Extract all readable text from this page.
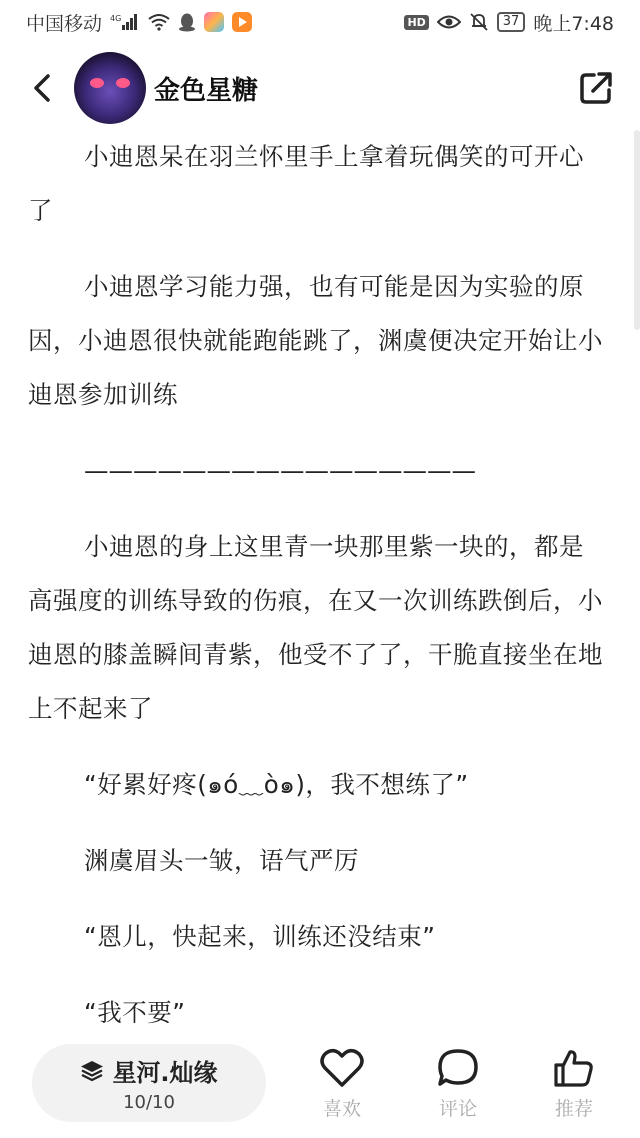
中国移动 4G	HD	37 晚上7:48
金色星糖

小迪恩呆在羽兰怀里手上拿着玩偶笑的可开心了

小迪恩学习能力强，也有可能是因为实验的原因，小迪恩很快就能跑能跳了，渊虞便决定开始让小迪恩参加训练

————————————————

小迪恩的身上这里青一块那里紫一块的，都是高强度的训练导致的伤痕，在又一次训练跌倒后，小迪恩的膝盖瞬间青紫，他受不了了，干脆直接坐在地上不起来了

“好累好疼(๑ó﹏ò๑)，我不想练了”

渊虞眉头一皱，语气严厉

“恩儿，快起来，训练还没结束”

“我不要”

星河.灿缘
10/10	喜欢	评论	推荐
